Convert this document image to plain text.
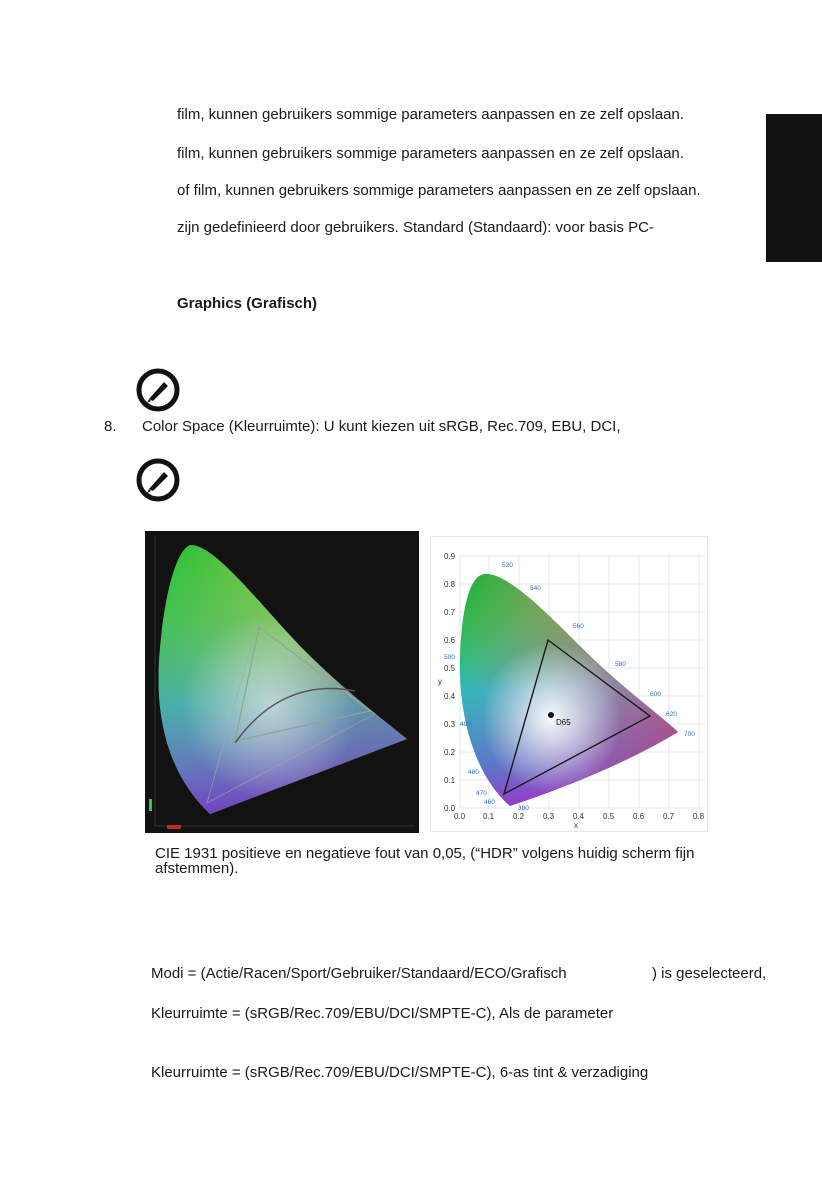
film, kunnen gebruikers sommige parameters aanpassen en ze zelf opslaan.
film, kunnen gebruikers sommige parameters aanpassen en ze zelf opslaan.
of film, kunnen gebruikers sommige parameters aanpassen en ze zelf opslaan.
zijn gedefinieerd door gebruikers. Standard (Standaard): voor basis PC-
Graphics (Grafisch)
8. Color Space (Kleurruimte): U kunt kiezen uit sRGB, Rec.709, EBU, DCI,
D65
0.9
0.8
0.7
0.6
0.5
0.4
0.3
0.2
0.1
0.0
0.0 0.1 0.2 0.3 0.4 0.5 0.6 0.7 0.8
y
x
520
540
560
580
600
620
700
500
490
480
470
460
380
CIE 1931 positieve en negatieve fout van 0,05, (“HDR” volgens huidig scherm fijn afstemmen).
Modi = (Actie/Racen/Sport/Gebruiker/Standaard/ECO/Grafisch	) is geselecteerd,
Kleurruimte = (sRGB/Rec.709/EBU/DCI/SMPTE-C), Als de parameter
Kleurruimte = (sRGB/Rec.709/EBU/DCI/SMPTE-C), 6-as tint & verzadiging
